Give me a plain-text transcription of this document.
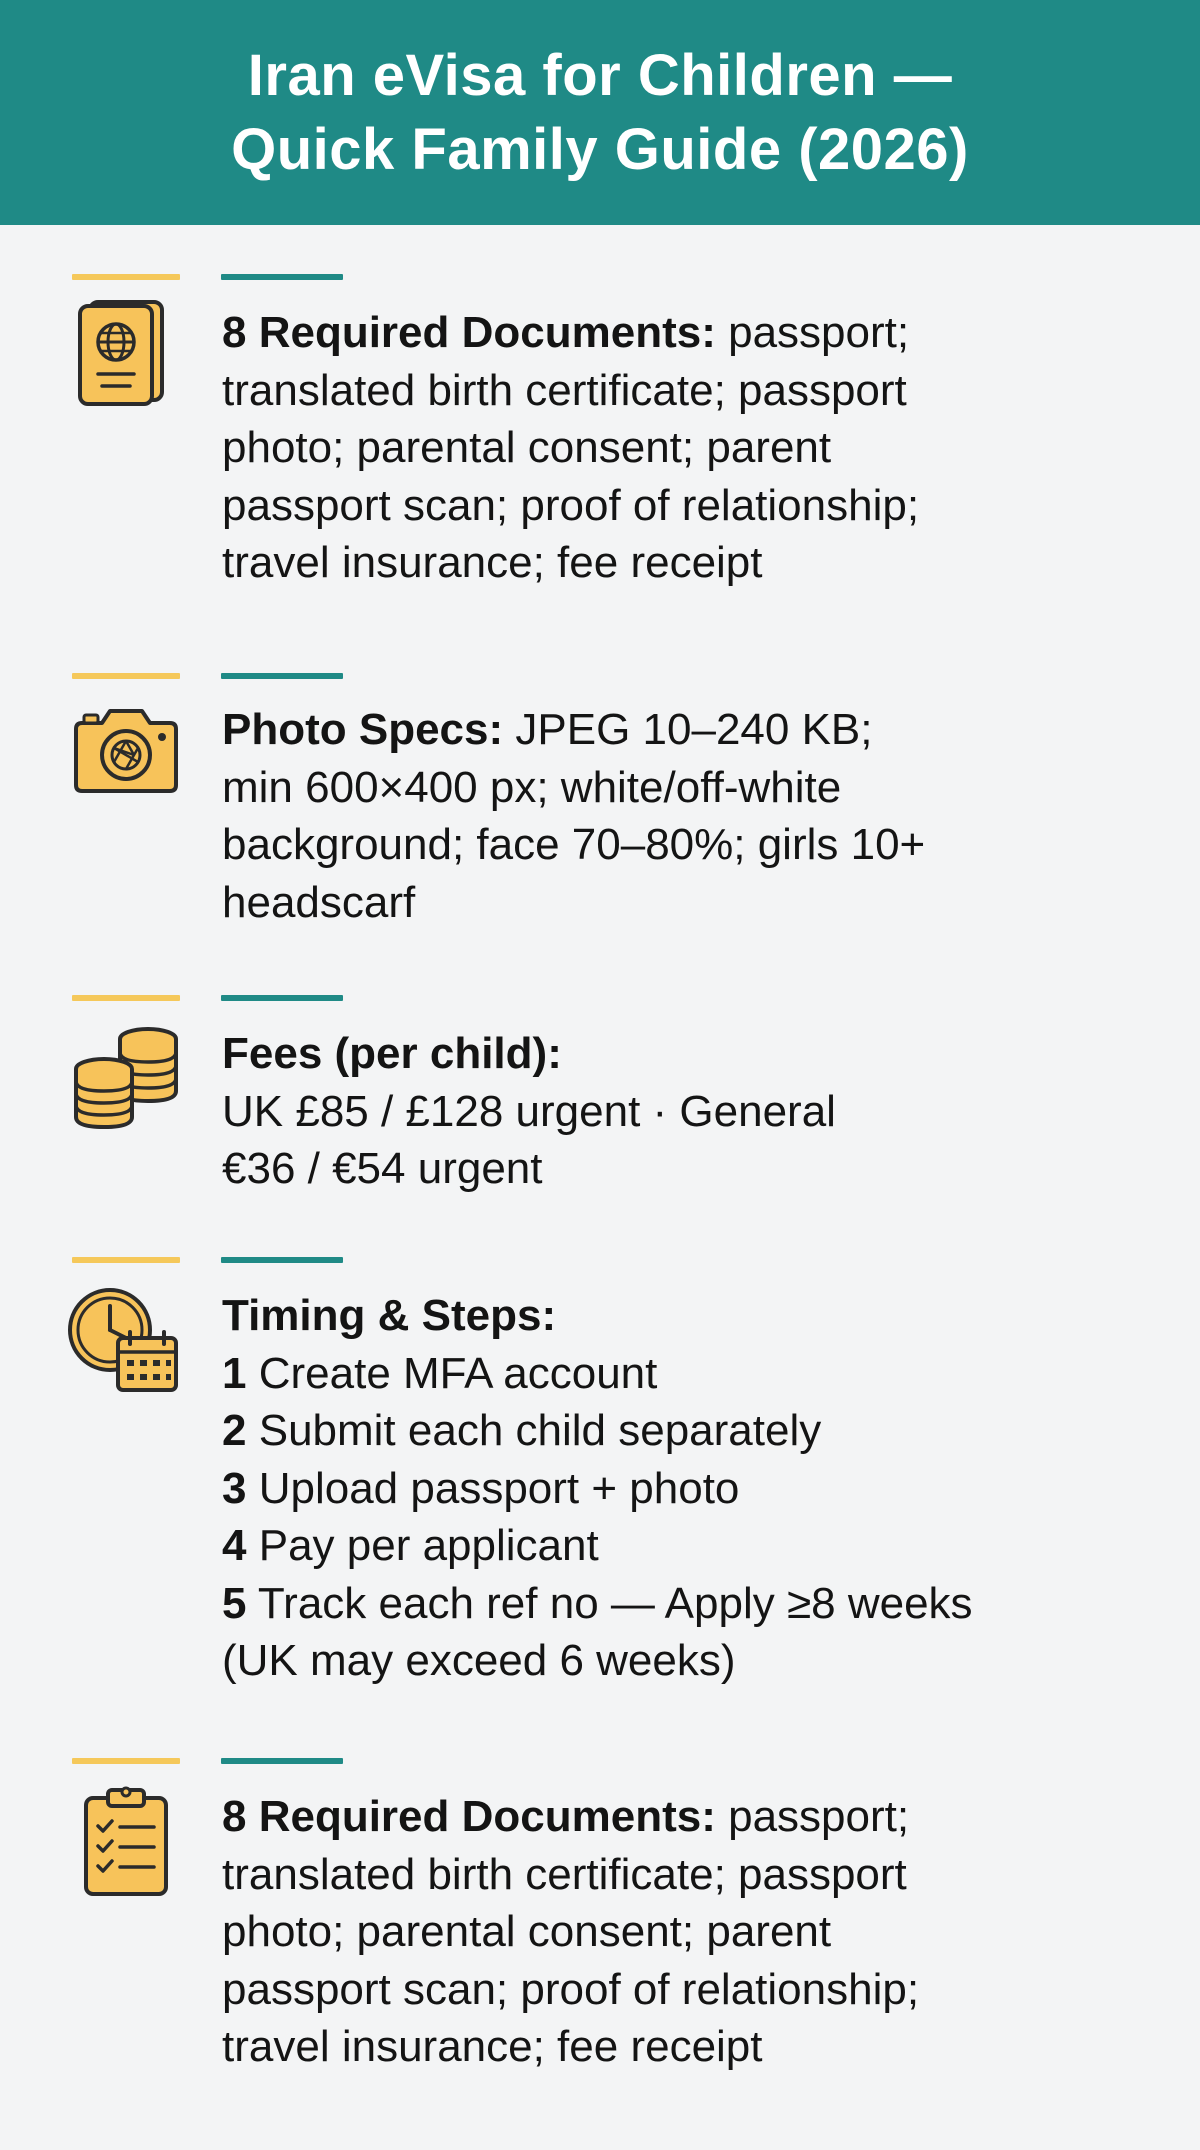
Iran eVisa for Children —
Quick Family Guide (2026)
8 Required Documents: passport;
translated birth certificate; passport
photo; parental consent; parent
passport scan; proof of relationship;
travel insurance; fee receipt
Photo Specs: JPEG 10–240 KB;
min 600×400 px; white/off-white
background; face 70–80%; girls 10+
headscarf
Fees (per child):
UK £85 / £128 urgent · General
€36 / €54 urgent
Timing & Steps:
1 Create MFA account
2 Submit each child separately
3 Upload passport + photo
4 Pay per applicant
5 Track each ref no — Apply ≥8 weeks
(UK may exceed 6 weeks)
8 Required Documents: passport;
translated birth certificate; passport
photo; parental consent; parent
passport scan; proof of relationship;
travel insurance; fee receipt
